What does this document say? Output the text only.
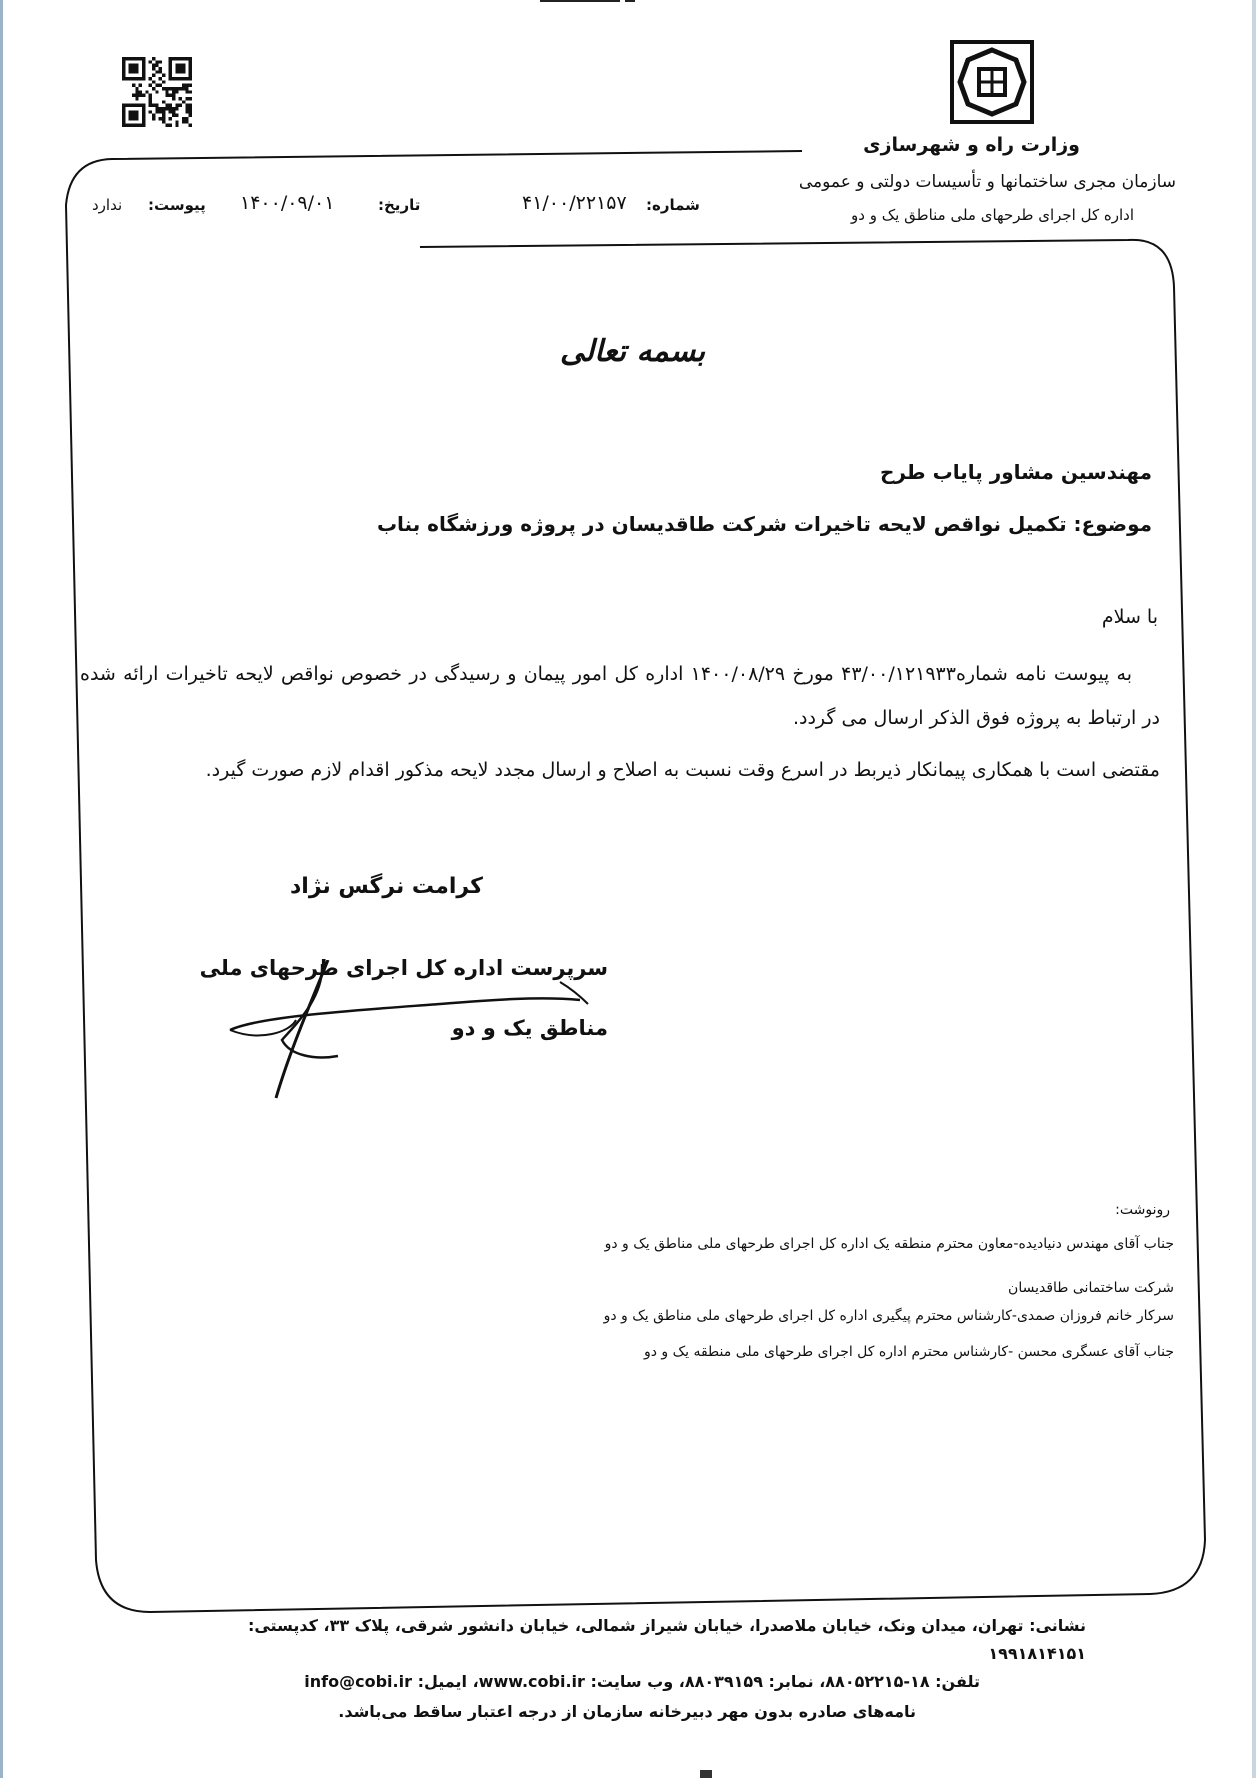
وزارت راه و شهرسازی
سازمان مجری ساختمانها و تأسیسات دولتی و عمومی
اداره کل اجرای طرحهای ملی مناطق یک و دو
شماره:
۴۱/۰۰/۲۲۱۵۷
تاریخ:
۱۴۰۰/۰۹/۰۱
پیوست:
ندارد
بسمه تعالی
مهندسین مشاور پایاب طرح
موضوع: تکمیل نواقص لایحه تاخیرات شرکت طاقدیسان در پروژه ورزشگاه بناب
با سلام
به پیوست نامه شماره۴۳/۰۰/۱۲۱۹۳۳ مورخ ۱۴۰۰/۰۸/۲۹ اداره کل امور پیمان و رسیدگی در خصوص نواقص لایحه تاخیرات ارائه شده در ارتباط به پروژه فوق الذکر ارسال می گردد.
مقتضی است با همکاری پیمانکار ذیربط در اسرع وقت نسبت به اصلاح و ارسال مجدد لایحه مذکور اقدام لازم صورت گیرد.
کرامت نرگس نژاد
سرپرست اداره کل اجرای طرحهای ملی مناطق یک و دو
رونوشت:
جناب آقای مهندس دنیادیده-معاون محترم منطقه یک اداره کل اجرای طرحهای ملی مناطق یک و دو
شرکت ساختمانی طاقدیسان
سرکار خانم فروزان صمدی-کارشناس محترم پیگیری اداره کل اجرای طرحهای ملی مناطق یک و دو
جناب آقای عسگری محسن -کارشناس محترم اداره کل اجرای طرحهای ملی منطقه یک و دو
نشانی: تهران، میدان ونک، خیابان ملاصدرا، خیابان شیراز شمالی، خیابان دانشور شرقی، پلاک ۳۳، کدپستی: ۱۹۹۱۸۱۴۱۵۱
تلفن: ۱۸-۸۸۰۵۲۲۱۵، نمابر: ۸۸۰۳۹۱۵۹، وب سایت: www.cobi.ir، ایمیل: info@cobi.ir
نامه‌های صادره بدون مهر دبیرخانه سازمان از درجه اعتبار ساقط می‌باشد.
